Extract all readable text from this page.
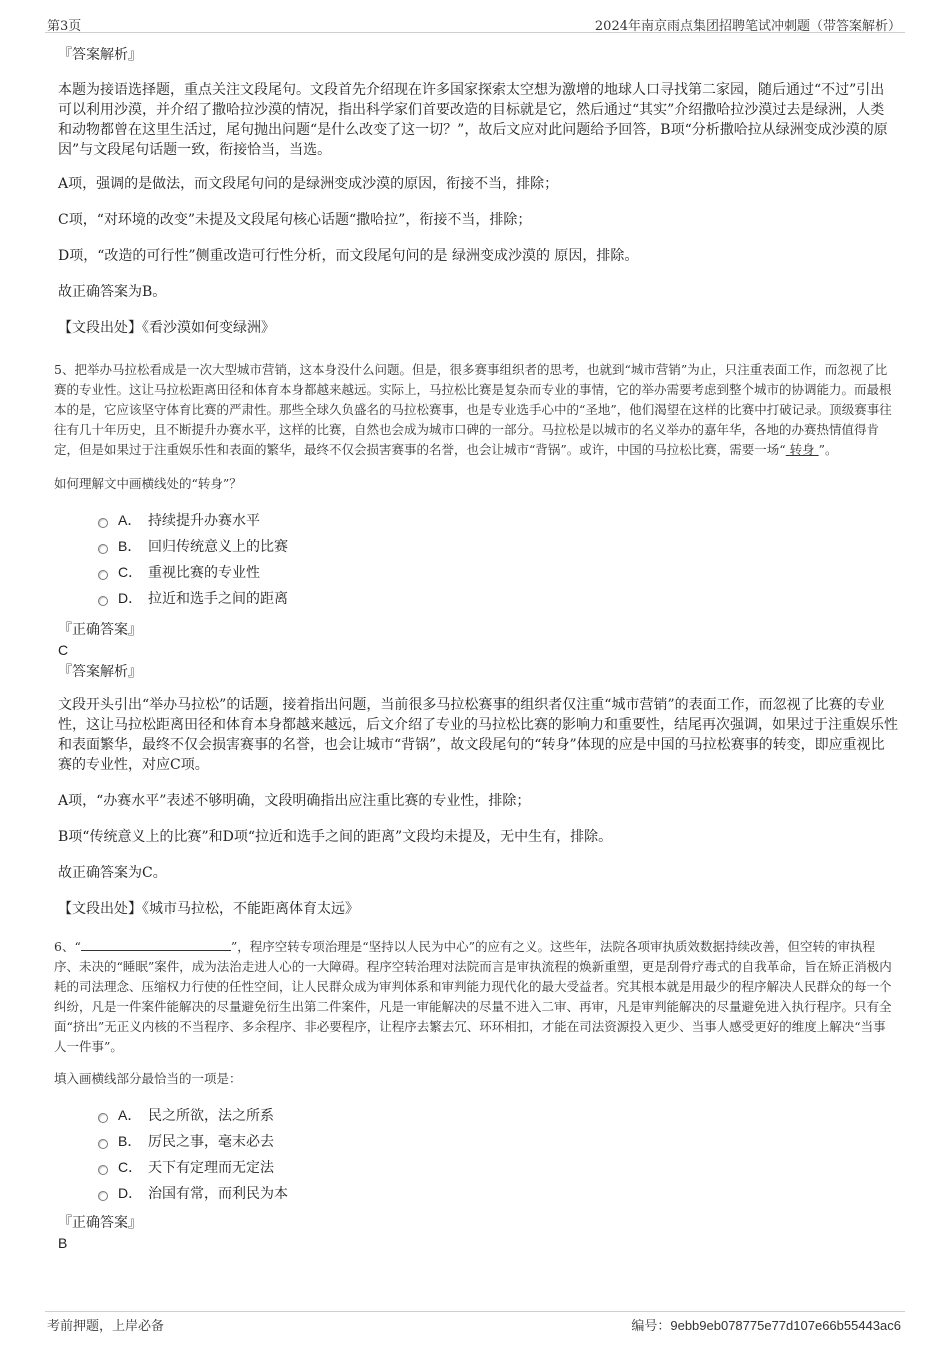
第3页	2024年南京雨点集团招聘笔试冲刺题（带答案解析）

『答案解析』

本题为接语选择题，重点关注文段尾句。文段首先介绍现在许多国家探索太空想为激增的地球人口寻找第二家园，随后通过“不过”引出可以利用沙漠，并介绍了撒哈拉沙漠的情况，指出科学家们首要改造的目标就是它，然后通过“其实”介绍撒哈拉沙漠过去是绿洲，人类和动物都曾在这里生活过，尾句抛出问题“是什么改变了这一切？”，故后文应对此问题给予回答，B项“分析撒哈拉从绿洲变成沙漠的原因”与文段尾句话题一致，衔接恰当，当选。

A项，强调的是做法，而文段尾句问的是绿洲变成沙漠的原因，衔接不当，排除；

C项，“对环境的改变”未提及文段尾句核心话题“撒哈拉”，衔接不当，排除；

D项，“改造的可行性”侧重改造可行性分析，而文段尾句问的是 绿洲变成沙漠的 原因，排除。

故正确答案为B。

【文段出处】《看沙漠如何变绿洲》

5、把举办马拉松看成是一次大型城市营销，这本身没什么问题。但是，很多赛事组织者的思考，也就到“城市营销”为止，只注重表面工作，而忽视了比赛的专业性。这让马拉松距离田径和体育本身都越来越远。实际上，马拉松比赛是复杂而专业的事情，它的举办需要考虑到整个城市的协调能力。而最根本的是，它应该坚守体育比赛的严肃性。那些全球久负盛名的马拉松赛事，也是专业选手心中的“圣地”，他们渴望在这样的比赛中打破记录。顶级赛事往往有几十年历史，且不断提升办赛水平，这样的比赛，自然也会成为城市口碑的一部分。马拉松是以城市的名义举办的嘉年华，各地的办赛热情值得肯定，但是如果过于注重娱乐性和表面的繁华，最终不仅会损害赛事的名誉，也会让城市“背锅”。或许，中国的马拉松比赛，需要一场“ 转身 ”。

如何理解文中画横线处的“转身”？

A． 持续提升办赛水平
B． 回归传统意义上的比赛
C． 重视比赛的专业性
D． 拉近和选手之间的距离

『正确答案』

C

『答案解析』

文段开头引出“举办马拉松”的话题，接着指出问题，当前很多马拉松赛事的组织者仅注重“城市营销”的表面工作，而忽视了比赛的专业性，这让马拉松距离田径和体育本身都越来越远，后文介绍了专业的马拉松比赛的影响力和重要性，结尾再次强调，如果过于注重娱乐性和表面繁华，最终不仅会损害赛事的名誉，也会让城市“背锅”，故文段尾句的“转身”体现的应是中国的马拉松赛事的转变，即应重视比赛的专业性，对应C项。

A项，“办赛水平”表述不够明确，文段明确指出应注重比赛的专业性，排除；

B项“传统意义上的比赛”和D项“拉近和选手之间的距离”文段均未提及，无中生有，排除。

故正确答案为C。

【文段出处】《城市马拉松，不能距离体育太远》

6、“	”，程序空转专项治理是“坚持以人民为中心”的应有之义。这些年，法院各项审执质效数据持续改善，但空转的审执程序、未决的“睡眠”案件，成为法治走进人心的一大障碍。程序空转治理对法院而言是审执流程的焕新重塑，更是刮骨疗毒式的自我革命，旨在矫正消极内耗的司法理念、压缩权力行使的任性空间，让人民群众成为审判体系和审判能力现代化的最大受益者。究其根本就是用最少的程序解决人民群众的每一个纠纷，凡是一件案件能解决的尽量避免衍生出第二件案件，凡是一审能解决的尽量不进入二审、再审，凡是审判能解决的尽量避免进入执行程序。只有全面“挤出”无正义内核的不当程序、多余程序、非必要程序，让程序去繁去冗、环环相扣，才能在司法资源投入更少、当事人感受更好的维度上解决“当事人一件事”。

填入画横线部分最恰当的一项是：

A． 民之所欲，法之所系
B． 厉民之事，毫末必去
C． 天下有定理而无定法
D． 治国有常，而利民为本

『正确答案』

B

考前押题，上岸必备	编号：9ebb9eb078775e77d107e66b55443ac6
